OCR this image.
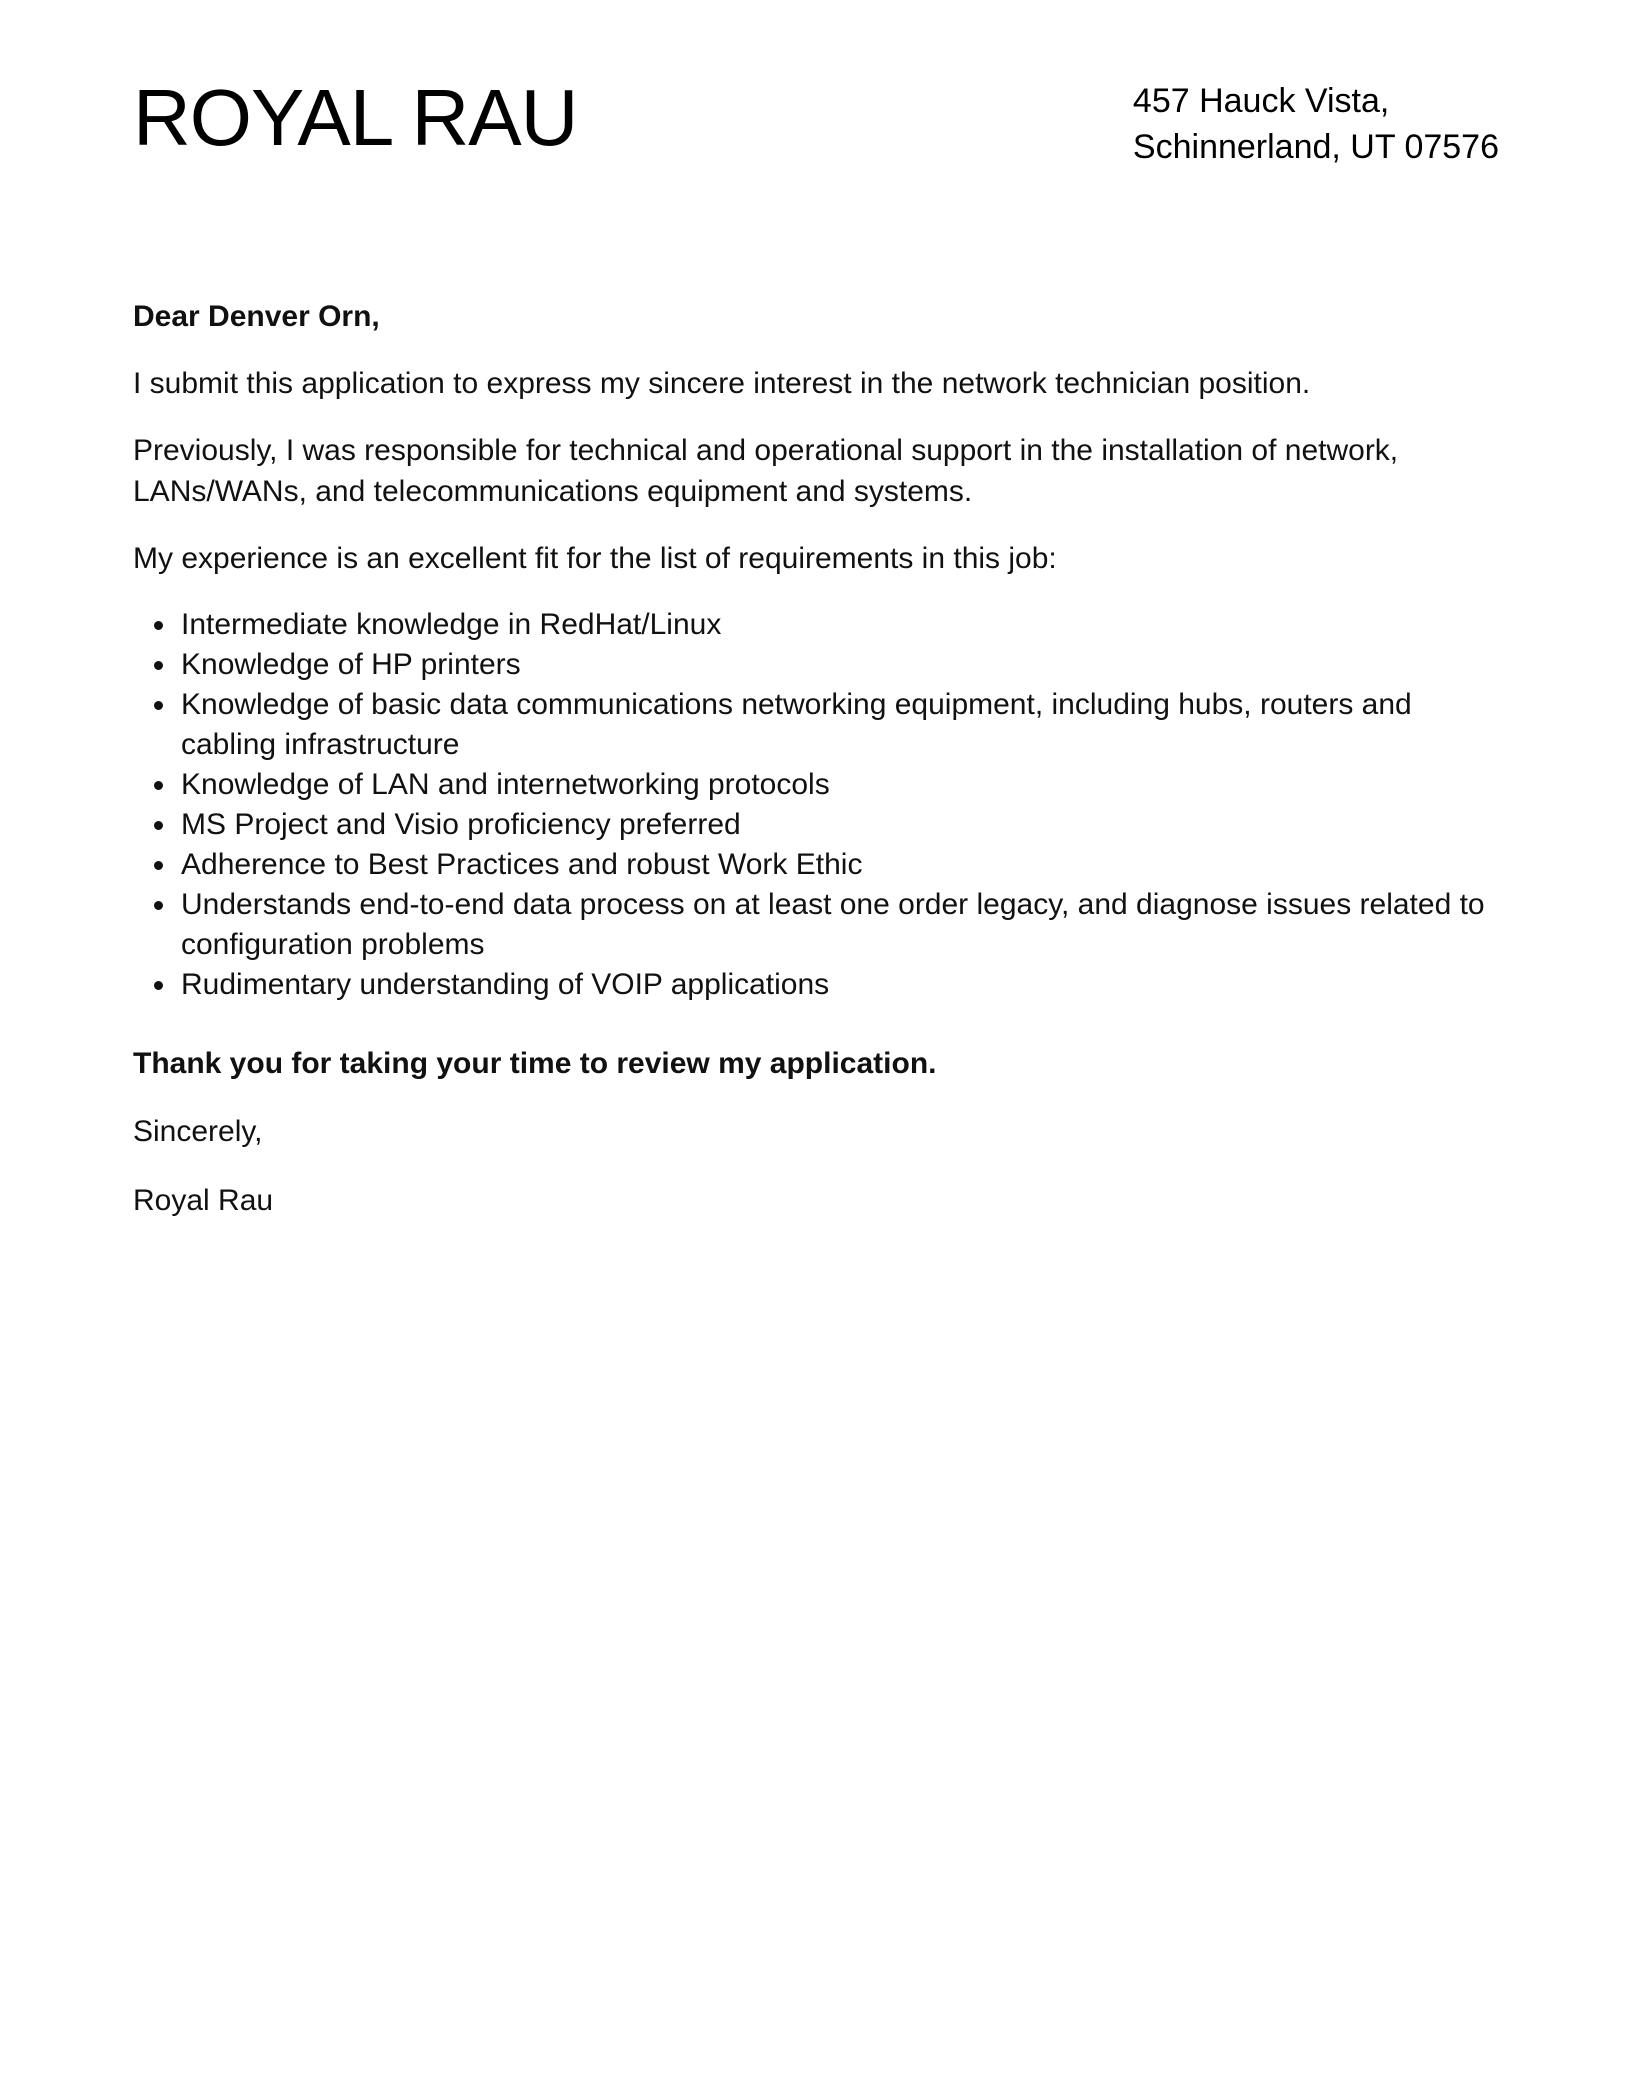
ROYAL RAU	457 Hauck Vista,
Schinnerland, UT 07576

Dear Denver Orn,

I submit this application to express my sincere interest in the network technician position.

Previously, I was responsible for technical and operational support in the installation of network, LANs/WANs, and telecommunications equipment and systems.

My experience is an excellent fit for the list of requirements in this job:

Intermediate knowledge in RedHat/Linux
Knowledge of HP printers
Knowledge of basic data communications networking equipment, including hubs, routers and cabling infrastructure
Knowledge of LAN and internetworking protocols
MS Project and Visio proficiency preferred
Adherence to Best Practices and robust Work Ethic
Understands end-to-end data process on at least one order legacy, and diagnose issues related to configuration problems
Rudimentary understanding of VOIP applications

Thank you for taking your time to review my application.

Sincerely,

Royal Rau
